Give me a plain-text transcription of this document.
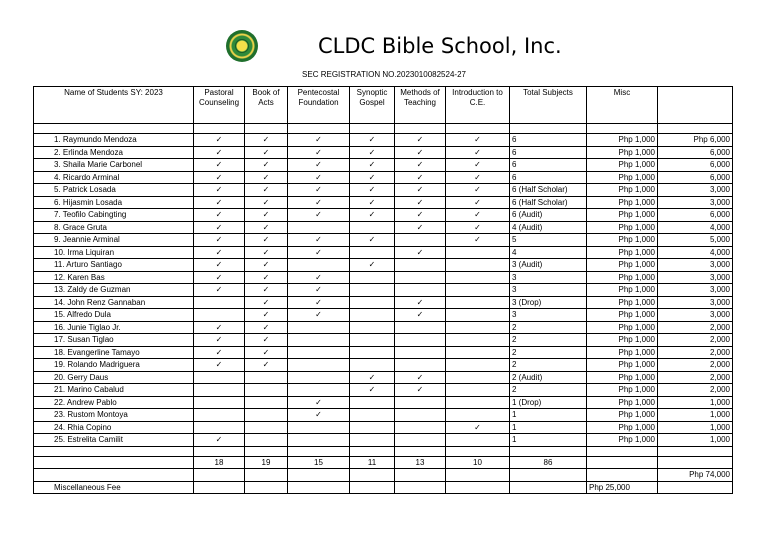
CLDC Bible School, Inc.
SEC REGISTRATION NO.2023010082524-27
Name of Students SY: 2023	Pastoral Counseling	Book of Acts	Pentecostal Foundation	Synoptic Gospel	Methods of Teaching	Introduction to C.E.	Total Subjects	Misc	

1. Raymundo Mendoza	✓	✓	✓	✓	✓	✓	6	Php 1,000	Php 6,000
2. Erlinda Mendoza	✓	✓	✓	✓	✓	✓	6	Php 1,000	6,000
3. Shaila Marie Carbonel	✓	✓	✓	✓	✓	✓	6	Php 1,000	6,000
4. Ricardo Arminal	✓	✓	✓	✓	✓	✓	6	Php 1,000	6,000
5. Patrick Losada	✓	✓	✓	✓	✓	✓	6 (Half Scholar)	Php 1,000	3,000
6. Hijasmin Losada	✓	✓	✓	✓	✓	✓	6 (Half Scholar)	Php 1,000	3,000
7. Teofilo Cabingting	✓	✓	✓	✓	✓	✓	6 (Audit)	Php 1,000	6,000
8. Grace Gruta	✓	✓			✓	✓	4 (Audit)	Php 1,000	4,000
9. Jeannie Arminal	✓	✓	✓	✓		✓	5	Php 1,000	5,000
10. Irma Liquiran	✓	✓	✓		✓		4	Php 1,000	4,000
11. Arturo Santiago	✓	✓		✓			3 (Audit)	Php 1,000	3,000
12. Karen Bas	✓	✓	✓				3	Php 1,000	3,000
13. Zaldy de Guzman	✓	✓	✓				3	Php 1,000	3,000
14. John Renz Gannaban		✓	✓		✓		3 (Drop)	Php 1,000	3,000
15. Alfredo Dula		✓	✓		✓		3	Php 1,000	3,000
16. Junie Tiglao Jr.	✓	✓					2	Php 1,000	2,000
17. Susan Tiglao	✓	✓					2	Php 1,000	2,000
18. Evangerline Tamayo	✓	✓					2	Php 1,000	2,000
19. Rolando Madriguera	✓	✓					2	Php 1,000	2,000
20. Gerry Daus				✓	✓		2 (Audit)	Php 1,000	2,000
21. Marino Cabalud				✓	✓		2	Php 1,000	2,000
22. Andrew Pablo			✓				1 (Drop)	Php 1,000	1,000
23. Rustom Montoya			✓				1	Php 1,000	1,000
24. Rhia Copino						✓	1	Php 1,000	1,000
25. Estrelita Camilit	✓						1	Php 1,000	1,000

	18	19	15	11	13	10	86		
									Php 74,000
Miscellaneous Fee								Php 25,000	
